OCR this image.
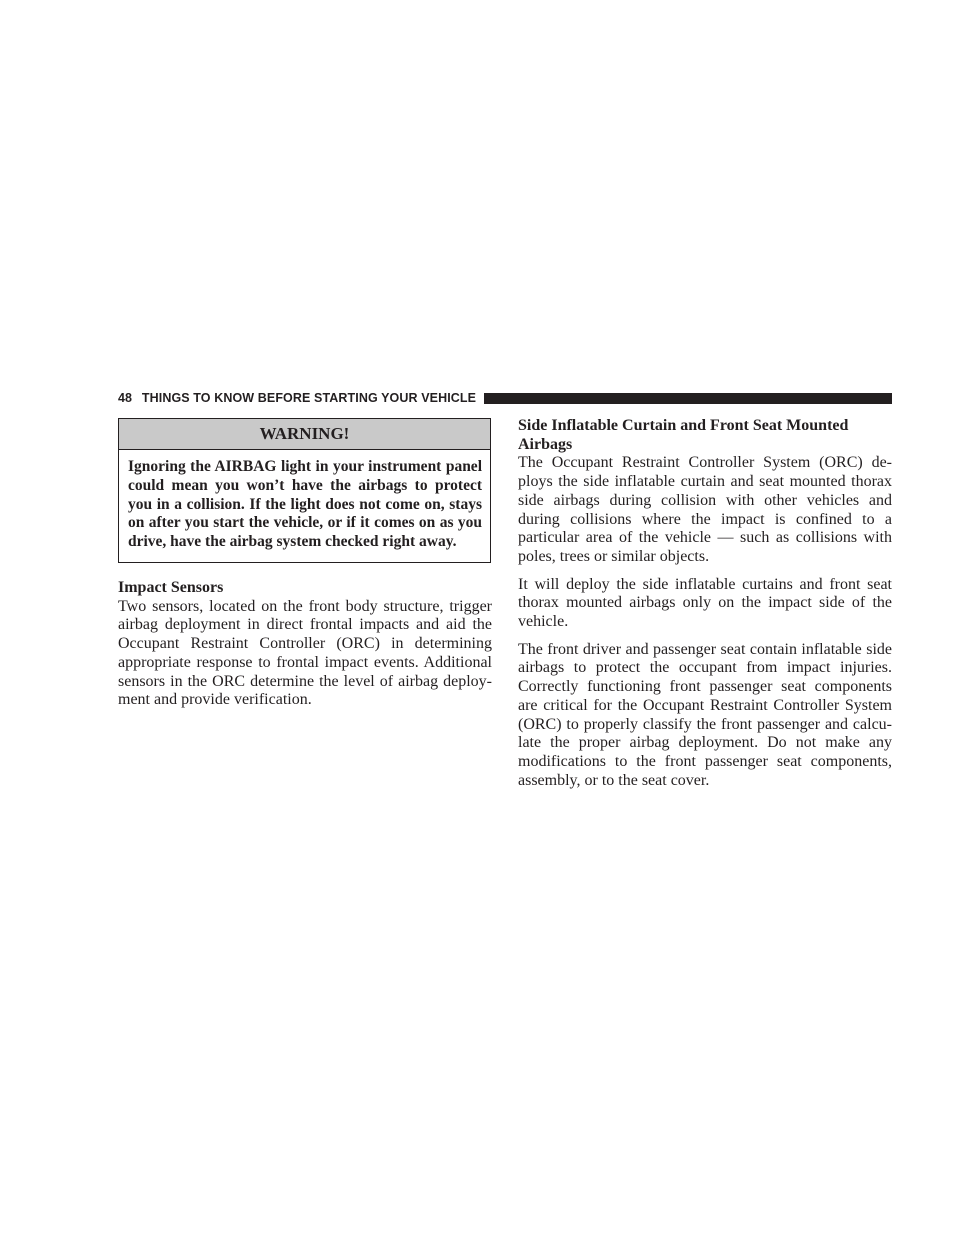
48 THINGS TO KNOW BEFORE STARTING YOUR VEHICLE
WARNING!
Ignoring the AIRBAG light in your instrument panel could mean you won’t have the airbags to protect you in a collision. If the light does not come on, stays on after you start the vehicle, or if it comes on as you drive, have the airbag system checked right away.
Impact Sensors

Two sensors, located on the front body structure, trigger airbag deployment in direct frontal impacts and aid the Occupant Restraint Controller (ORC) in determining appropriate response to frontal impact events. Additional sensors in the ORC determine the level of airbag deployment and provide verification.

Side Inflatable Curtain and Front Seat Mounted Airbags

The Occupant Restraint Controller System (ORC) deploys the side inflatable curtain and seat mounted thorax side airbags during collision with other vehicles and during collisions where the impact is confined to a particular area of the vehicle — such as collisions with poles, trees or similar objects.

It will deploy the side inflatable curtains and front seat thorax mounted airbags only on the impact side of the vehicle.

The front driver and passenger seat contain inflatable side airbags to protect the occupant from impact injuries. Correctly functioning front passenger seat components are critical for the Occupant Restraint Controller System (ORC) to properly classify the front passenger and calculate the proper airbag deployment. Do not make any modifications to the front passenger seat components, assembly, or to the seat cover.
